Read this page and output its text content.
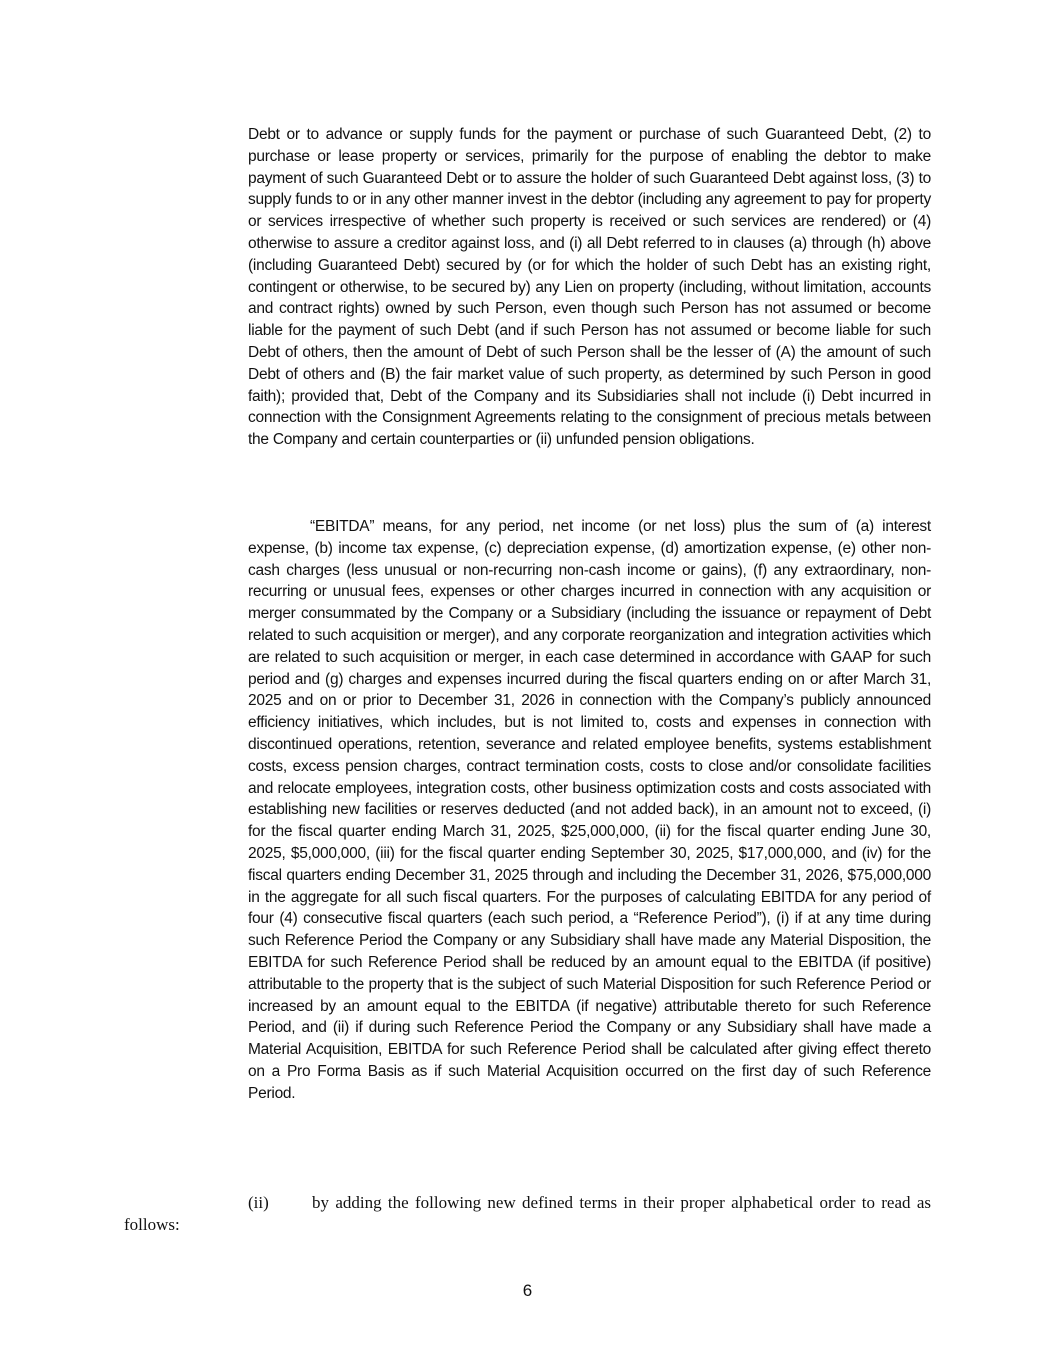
Debt or to advance or supply funds for the payment or purchase of such Guaranteed Debt, (2) to purchase or lease property or services, primarily for the purpose of enabling the debtor to make payment of such Guaranteed Debt or to assure the holder of such Guaranteed Debt against loss, (3) to supply funds to or in any other manner invest in the debtor (including any agreement to pay for property or services irrespective of whether such property is received or such services are rendered) or (4) otherwise to assure a creditor against loss, and (i) all Debt referred to in clauses (a) through (h) above (including Guaranteed Debt) secured by (or for which the holder of such Debt has an existing right, contingent or otherwise, to be secured by) any Lien on property (including, without limitation, accounts and contract rights) owned by such Person, even though such Person has not assumed or become liable for the payment of such Debt (and if such Person has not assumed or become liable for such Debt of others, then the amount of Debt of such Person shall be the lesser of (A) the amount of such Debt of others and (B) the fair market value of such property, as determined by such Person in good faith); provided that, Debt of the Company and its Subsidiaries shall not include (i) Debt incurred in connection with the Consignment Agreements relating to the consignment of precious metals between the Company and certain counterparties or (ii) unfunded pension obligations.

“EBITDA” means, for any period, net income (or net loss) plus the sum of (a) interest expense, (b) income tax expense, (c) depreciation expense, (d) amortization expense, (e) other non-cash charges (less unusual or non-recurring non-cash income or gains), (f) any extraordinary, non-recurring or unusual fees, expenses or other charges incurred in connection with any acquisition or merger consummated by the Company or a Subsidiary (including the issuance or repayment of Debt related to such acquisition or merger), and any corporate reorganization and integration activities which are related to such acquisition or merger, in each case determined in accordance with GAAP for such period and (g) charges and expenses incurred during the fiscal quarters ending on or after March 31, 2025 and on or prior to December 31, 2026 in connection with the Company’s publicly announced efficiency initiatives, which includes, but is not limited to, costs and expenses in connection with discontinued operations, retention, severance and related employee benefits, systems establishment costs, excess pension charges, contract termination costs, costs to close and/or consolidate facilities and relocate employees, integration costs, other business optimization costs and costs associated with establishing new facilities or reserves deducted (and not added back), in an amount not to exceed, (i) for the fiscal quarter ending March 31, 2025, $25,000,000, (ii) for the fiscal quarter ending June 30, 2025, $5,000,000, (iii) for the fiscal quarter ending September 30, 2025, $17,000,000, and (iv) for the fiscal quarters ending December 31, 2025 through and including the December 31, 2026, $75,000,000 in the aggregate for all such fiscal quarters. For the purposes of calculating EBITDA for any period of four (4) consecutive fiscal quarters (each such period, a “Reference Period”), (i) if at any time during such Reference Period the Company or any Subsidiary shall have made any Material Disposition, the EBITDA for such Reference Period shall be reduced by an amount equal to the EBITDA (if positive) attributable to the property that is the subject of such Material Disposition for such Reference Period or increased by an amount equal to the EBITDA (if negative) attributable thereto for such Reference Period, and (ii) if during such Reference Period the Company or any Subsidiary shall have made a Material Acquisition, EBITDA for such Reference Period shall be calculated after giving effect thereto on a Pro Forma Basis as if such Material Acquisition occurred on the first day of such Reference Period.

(ii)	by adding the following new defined terms in their proper alphabetical order to read as follows:

6
